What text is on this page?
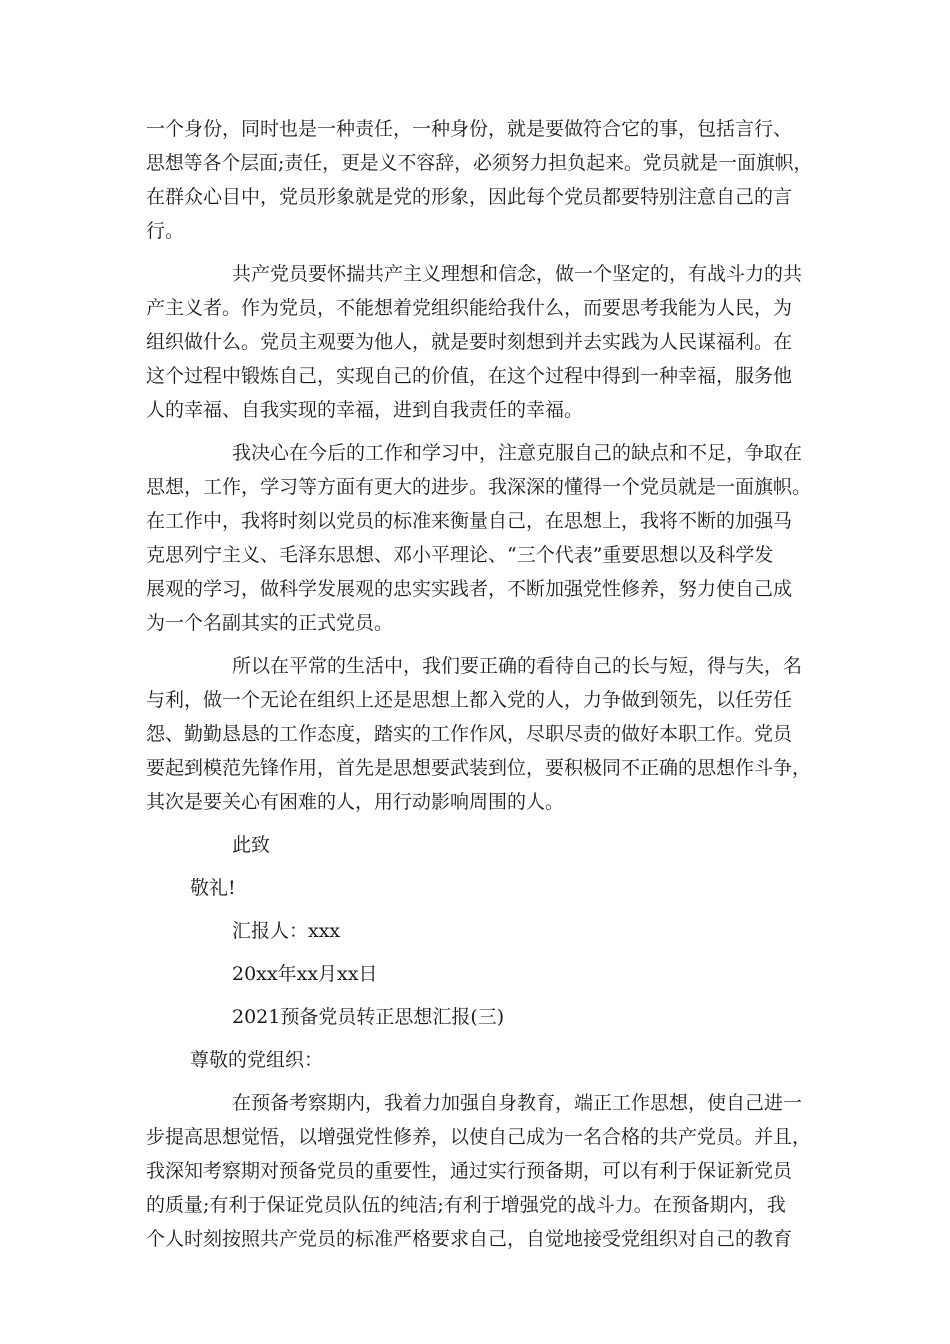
一个身份，同时也是一种责任，一种身份，就是要做符合它的事，包括言行、
思想等各个层面;责任，更是义不容辞，必须努力担负起来。党员就是一面旗帜，
在群众心目中，党员形象就是党的形象，因此每个党员都要特别注意自己的言
行。
共产党员要怀揣共产主义理想和信念，做一个坚定的，有战斗力的共
产主义者。作为党员，不能想着党组织能给我什么，而要思考我能为人民，为
组织做什么。党员主观要为他人，就是要时刻想到并去实践为人民谋福利。在
这个过程中锻炼自己，实现自己的价值，在这个过程中得到一种幸福，服务他
人的幸福、自我实现的幸福，进到自我责任的幸福。
我决心在今后的工作和学习中，注意克服自己的缺点和不足，争取在
思想，工作，学习等方面有更大的进步。我深深的懂得一个党员就是一面旗帜。
在工作中，我将时刻以党员的标准来衡量自己，在思想上，我将不断的加强马
克思列宁主义、毛泽东思想、邓小平理论、“三个代表”重要思想以及科学发
展观的学习，做科学发展观的忠实实践者，不断加强党性修养，努力使自己成
为一个名副其实的正式党员。
所以在平常的生活中，我们要正确的看待自己的长与短，得与失，名
与利，做一个无论在组织上还是思想上都入党的人，力争做到领先，以任劳任
怨、勤勤恳恳的工作态度，踏实的工作作风，尽职尽责的做好本职工作。党员
要起到模范先锋作用，首先是思想要武装到位，要积极同不正确的思想作斗争，
其次是要关心有困难的人，用行动影响周围的人。
此致
敬礼!
汇报人：xxx
20xx年xx月xx日
2021预备党员转正思想汇报(三)
尊敬的党组织：
在预备考察期内，我着力加强自身教育，端正工作思想，使自己进一
步提高思想觉悟，以增强党性修养，以使自己成为一名合格的共产党员。并且，
我深知考察期对预备党员的重要性，通过实行预备期，可以有利于保证新党员
的质量;有利于保证党员队伍的纯洁;有利于增强党的战斗力。在预备期内，我
个人时刻按照共产党员的标准严格要求自己，自觉地接受党组织对自己的教育
